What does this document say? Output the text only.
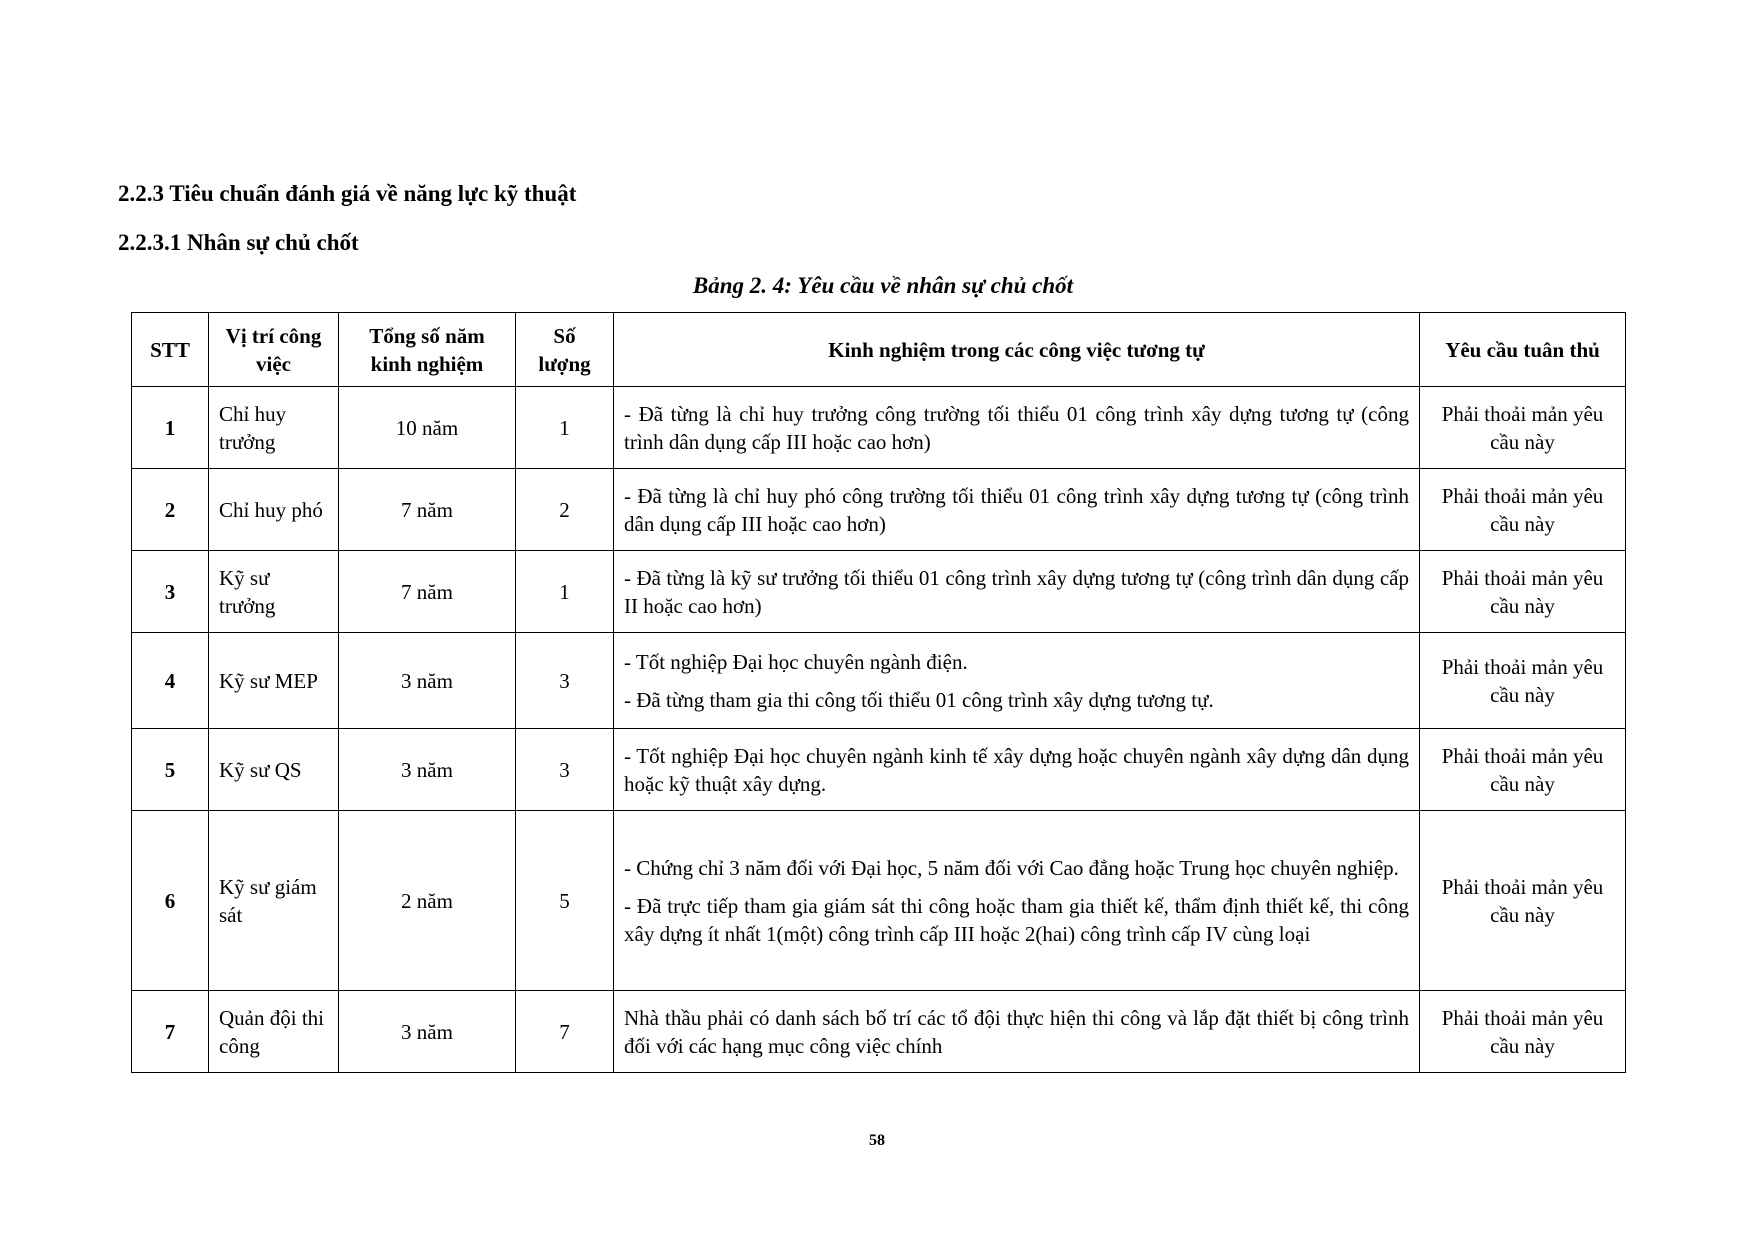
2.2.3 Tiêu chuẩn đánh giá về năng lực kỹ thuật
2.2.3.1 Nhân sự chủ chốt
Bảng 2. 4: Yêu cầu về nhân sự chủ chốt
STT	Vị trí công việc	Tổng số năm kinh nghiệm	Số lượng	Kinh nghiệm trong các công việc tương tự	Yêu cầu tuân thủ
1	Chỉ huy trưởng	10 năm	1	- Đã từng là chỉ huy trưởng công trường tối thiểu 01 công trình xây dựng tương tự (công trình dân dụng cấp III hoặc cao hơn)	Phải thoải mản yêu cầu này
2	Chỉ huy phó	7 năm	2	- Đã từng là chỉ huy phó công trường tối thiểu 01 công trình xây dựng tương tự (công trình dân dụng cấp III hoặc cao hơn)	Phải thoải mản yêu cầu này
3	Kỹ sư trưởng	7 năm	1	- Đã từng là kỹ sư trưởng tối thiểu 01 công trình xây dựng tương tự (công trình dân dụng cấp II hoặc cao hơn)	Phải thoải mản yêu cầu này
4	Kỹ sư MEP	3 năm	3	- Tốt nghiệp Đại học chuyên ngành điện.

- Đã từng tham gia thi công tối thiểu 01 công trình xây dựng tương tự.	Phải thoải mản yêu cầu này
5	Kỹ sư QS	3 năm	3	- Tốt nghiệp Đại học chuyên ngành kinh tế xây dựng hoặc chuyên ngành xây dựng dân dụng hoặc kỹ thuật xây dựng.	Phải thoải mản yêu cầu này
6	Kỹ sư giám sát	2 năm	5	- Chứng chỉ 3 năm đối với Đại học, 5 năm đối với Cao đẳng hoặc Trung học chuyên nghiệp.

- Đã trực tiếp tham gia giám sát thi công hoặc tham gia thiết kế, thẩm định thiết kế, thi công xây dựng ít nhất 1(một) công trình cấp III hoặc 2(hai) công trình cấp IV cùng loại	Phải thoải mản yêu cầu này
7	Quản đội thi công	3 năm	7	Nhà thầu phải có danh sách bố trí các tổ đội thực hiện thi công và lắp đặt thiết bị công trình đối với các hạng mục công việc chính	Phải thoải mản yêu cầu này
58
